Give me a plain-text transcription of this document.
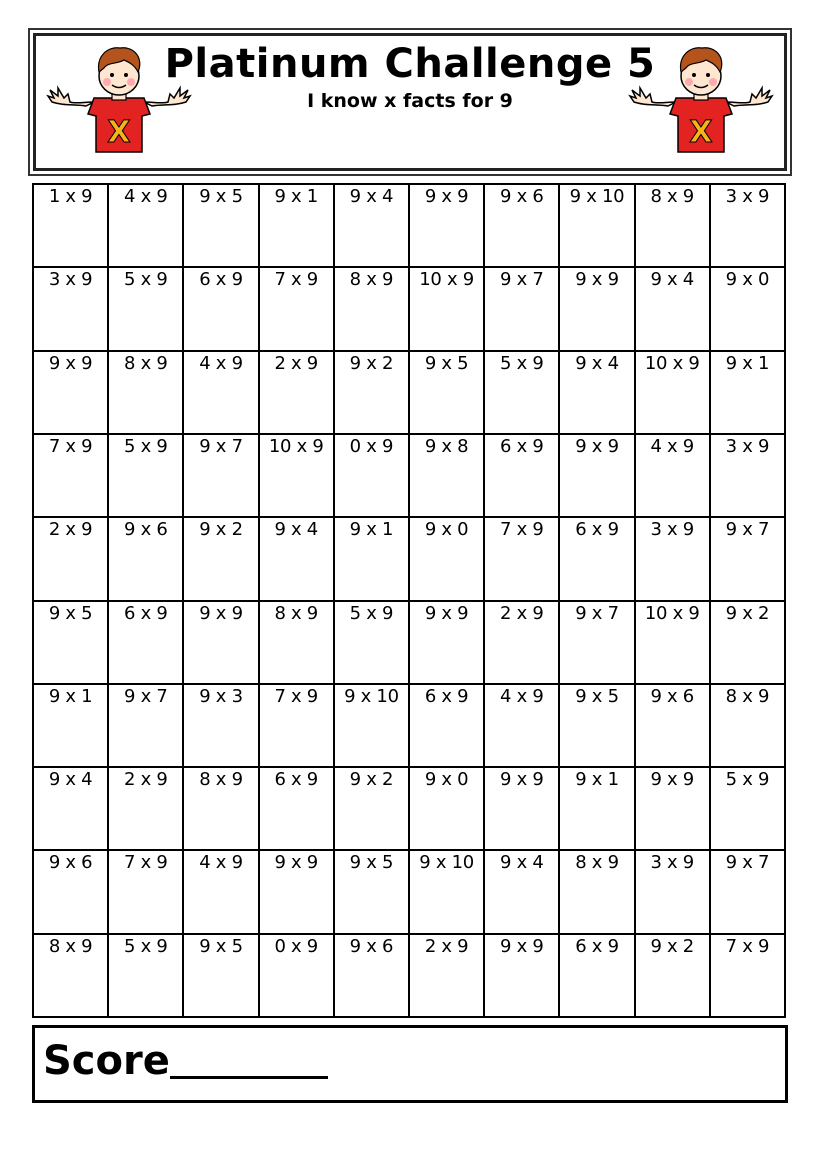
X
Platinum Challenge 5
I know x facts for 9
X
1 x 9	4 x 9	9 x 5	9 x 1	9 x 4	9 x 9	9 x 6	9 x 10	8 x 9	3 x 9
3 x 9	5 x 9	6 x 9	7 x 9	8 x 9	10 x 9	9 x 7	9 x 9	9 x 4	9 x 0
9 x 9	8 x 9	4 x 9	2 x 9	9 x 2	9 x 5	5 x 9	9 x 4	10 x 9	9 x 1
7 x 9	5 x 9	9 x 7	10 x 9	0 x 9	9 x 8	6 x 9	9 x 9	4 x 9	3 x 9
2 x 9	9 x 6	9 x 2	9 x 4	9 x 1	9 x 0	7 x 9	6 x 9	3 x 9	9 x 7
9 x 5	6 x 9	9 x 9	8 x 9	5 x 9	9 x 9	2 x 9	9 x 7	10 x 9	9 x 2
9 x 1	9 x 7	9 x 3	7 x 9	9 x 10	6 x 9	4 x 9	9 x 5	9 x 6	8 x 9
9 x 4	2 x 9	8 x 9	6 x 9	9 x 2	9 x 0	9 x 9	9 x 1	9 x 9	5 x 9
9 x 6	7 x 9	4 x 9	9 x 9	9 x 5	9 x 10	9 x 4	8 x 9	3 x 9	9 x 7
8 x 9	5 x 9	9 x 5	0 x 9	9 x 6	2 x 9	9 x 9	6 x 9	9 x 2	7 x 9
Score
